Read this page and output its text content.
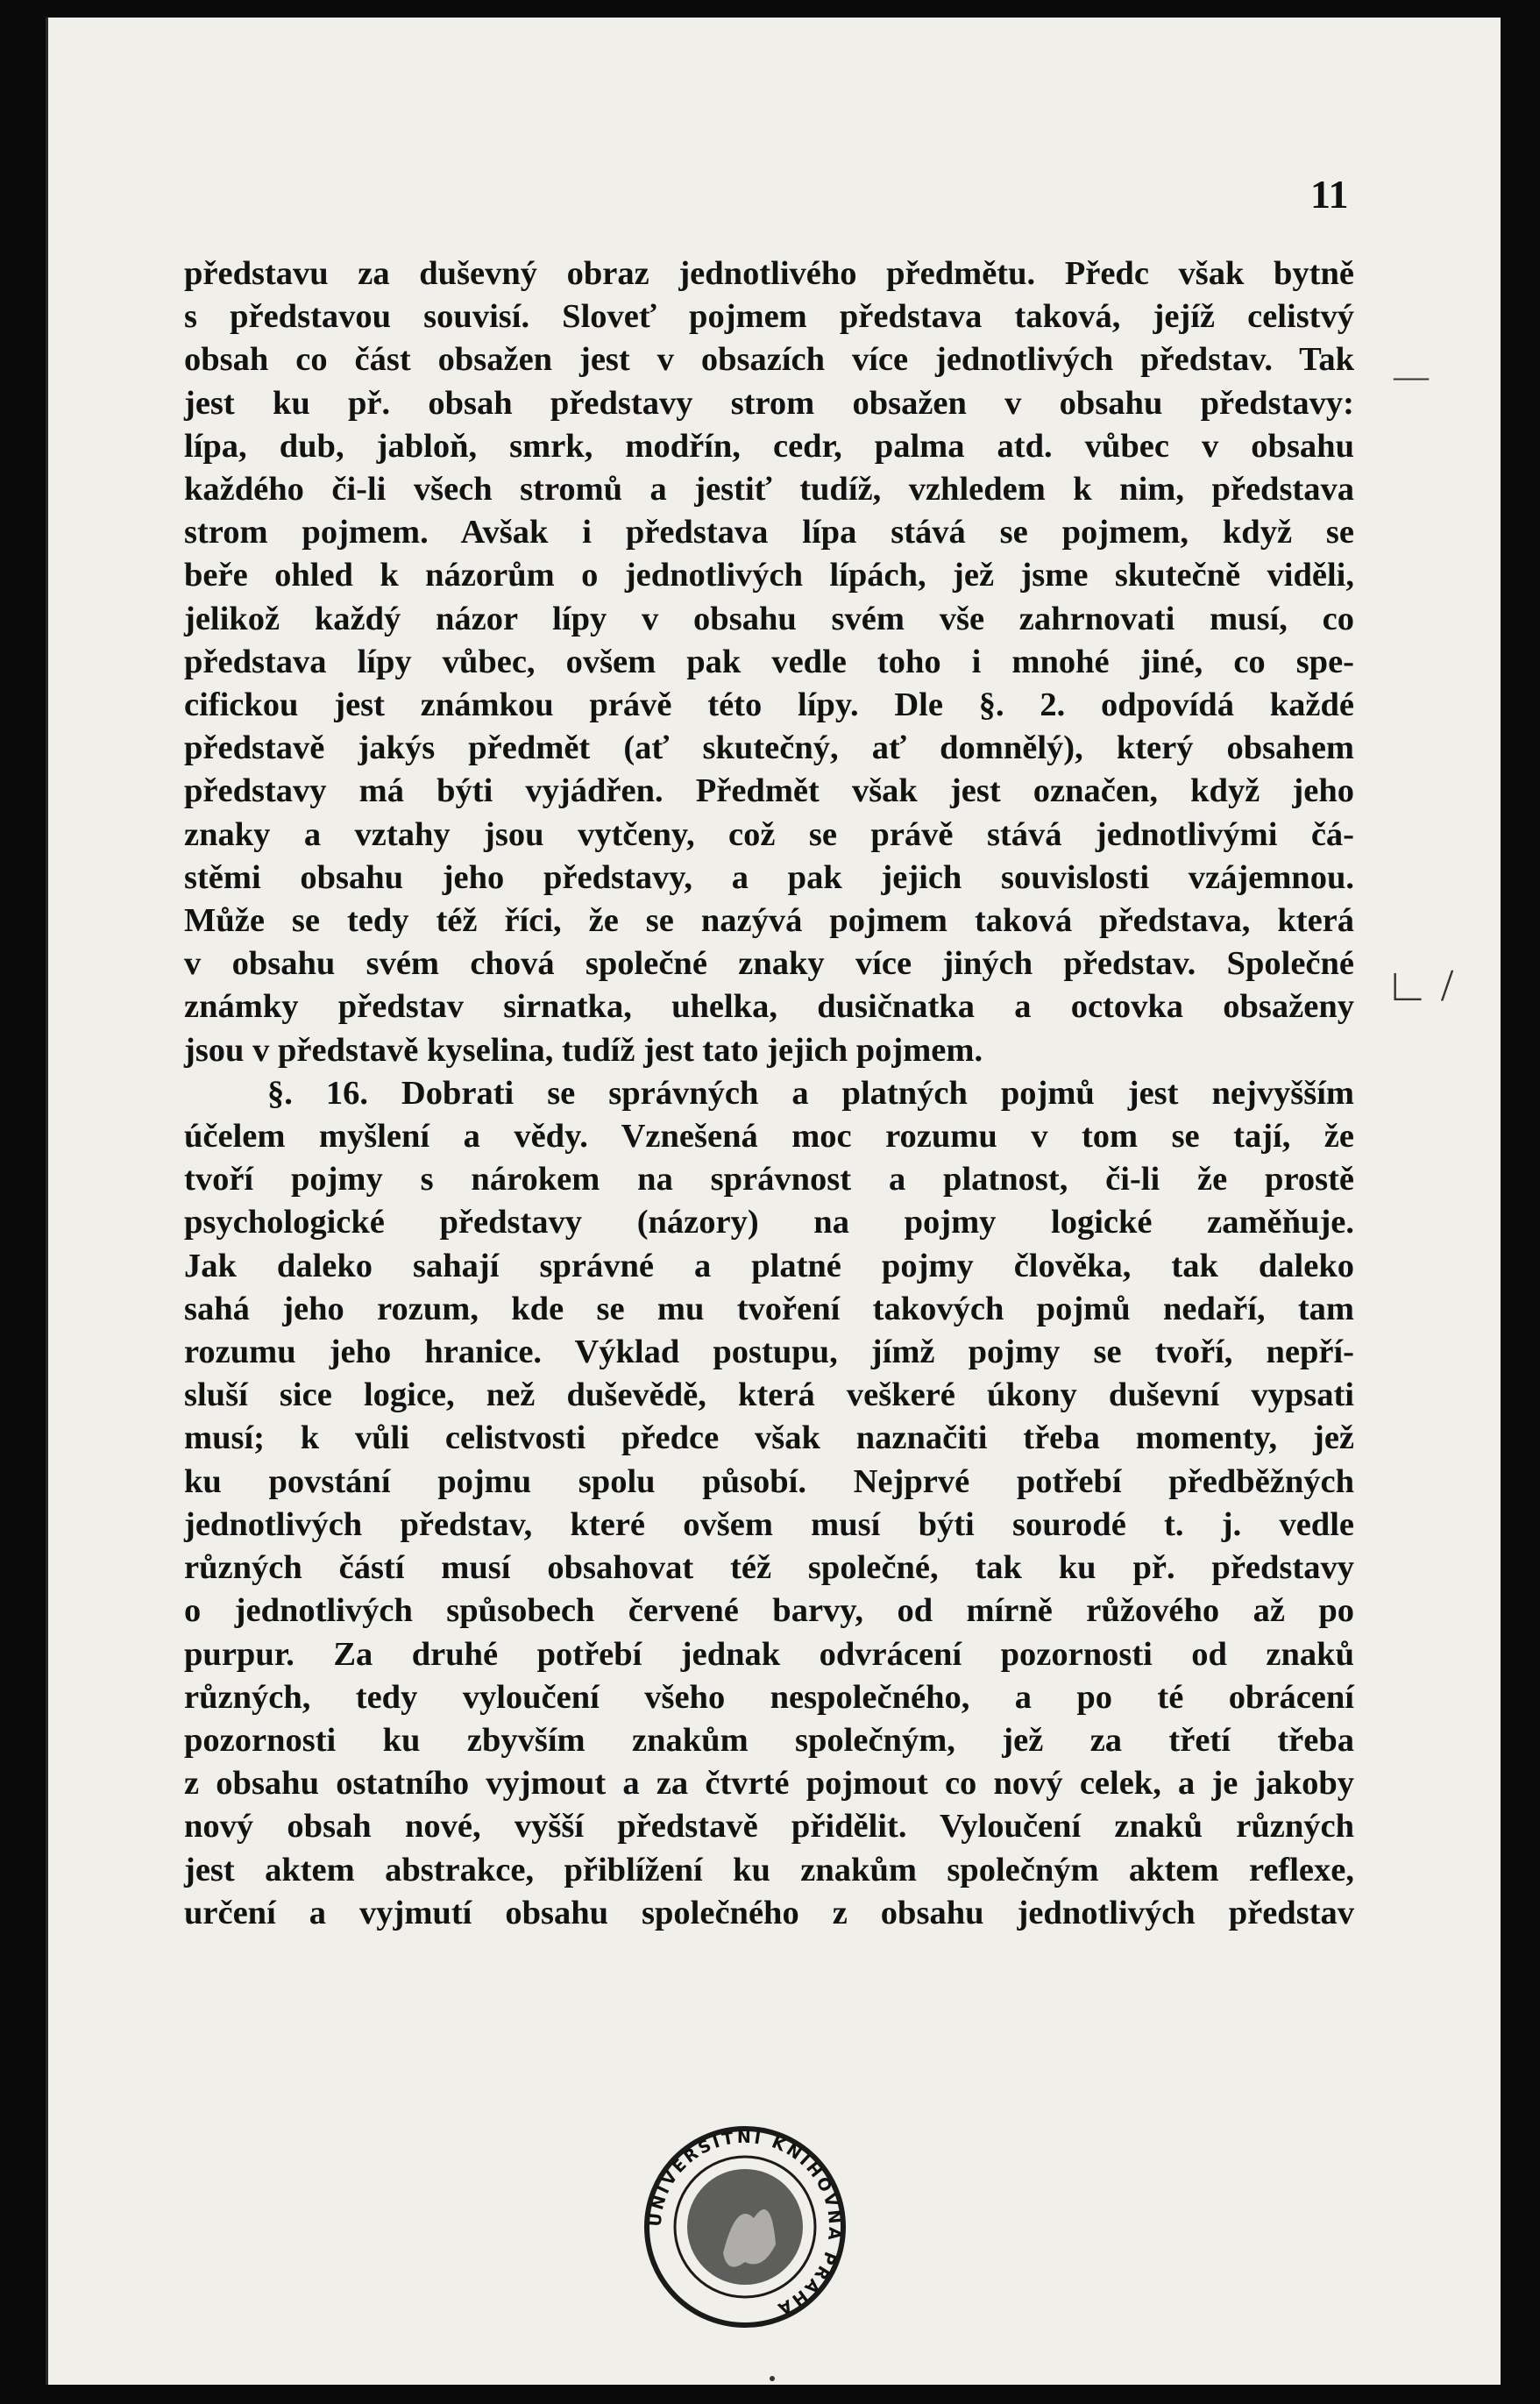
11
představu za duševný obraz jednotlivého předmětu. Předc však bytně
s představou souvisí. Sloveť pojmem představa taková, jejíž celistvý
obsah co část obsažen jest v obsazích více jednotlivých představ. Tak
jest ku př. obsah představy strom obsažen v obsahu představy:
lípa, dub, jabloň, smrk, modřín, cedr, palma atd. vůbec v obsahu
každého či-li všech stromů a jestiť tudíž, vzhledem k nim, představa
strom pojmem. Avšak i představa lípa stává se pojmem, když se
beře ohled k názorům o jednotlivých lípách, jež jsme skutečně viděli,
jelikož každý názor lípy v obsahu svém vše zahrnovati musí, co
představa lípy vůbec, ovšem pak vedle toho i mnohé jiné, co spe-
cifickou jest známkou právě této lípy. Dle §. 2. odpovídá každé
představě jakýs předmět (ať skutečný, ať domnělý), který obsahem
představy má býti vyjádřen. Předmět však jest označen, když jeho
znaky a vztahy jsou vytčeny, což se právě stává jednotlivými čá-
stěmi obsahu jeho představy, a pak jejich souvislosti vzájemnou.
Může se tedy též říci, že se nazývá pojmem taková představa, která
v obsahu svém chová společné znaky více jiných představ. Společné
známky představ sirnatka, uhelka, dusičnatka a octovka obsaženy
jsou v představě kyselina, tudíž jest tato jejich pojmem.
§. 16. Dobrati se správných a platných pojmů jest nejvyšším
účelem myšlení a vědy. Vznešená moc rozumu v tom se tají, že
tvoří pojmy s nárokem na správnost a platnost, či-li že prostě
psychologické představy (názory) na pojmy logické zaměňuje.
Jak daleko sahají správné a platné pojmy člověka, tak daleko
sahá jeho rozum, kde se mu tvoření takových pojmů nedaří, tam
rozumu jeho hranice. Výklad postupu, jímž pojmy se tvoří, nepří-
sluší sice logice, než duševědě, která veškeré úkony duševní vypsati
musí; k vůli celistvosti předce však naznačiti třeba momenty, jež
ku povstání pojmu spolu působí. Nejprvé potřebí předběžných
jednotlivých představ, které ovšem musí býti sourodé t. j. vedle
různých částí musí obsahovat též společné, tak ku př. představy
o jednotlivých spůsobech červené barvy, od mírně růžového až po
purpur. Za druhé potřebí jednak odvrácení pozornosti od znaků
různých, tedy vyloučení všeho nespolečného, a po té obrácení
pozornosti ku zbyvším znakům společným, jež za třetí třeba
z obsahu ostatního vyjmout a za čtvrté pojmout co nový celek, a je jakoby
nový obsah nové, vyšší představě přidělit. Vyloučení znaků různých
jest aktem abstrakce, přiblížení ku znakům společným aktem reflexe,
určení a vyjmutí obsahu společného z obsahu jednotlivých představ
—
∟ /
UNIVERSITNÍ KNIHOVNA PRAHA
